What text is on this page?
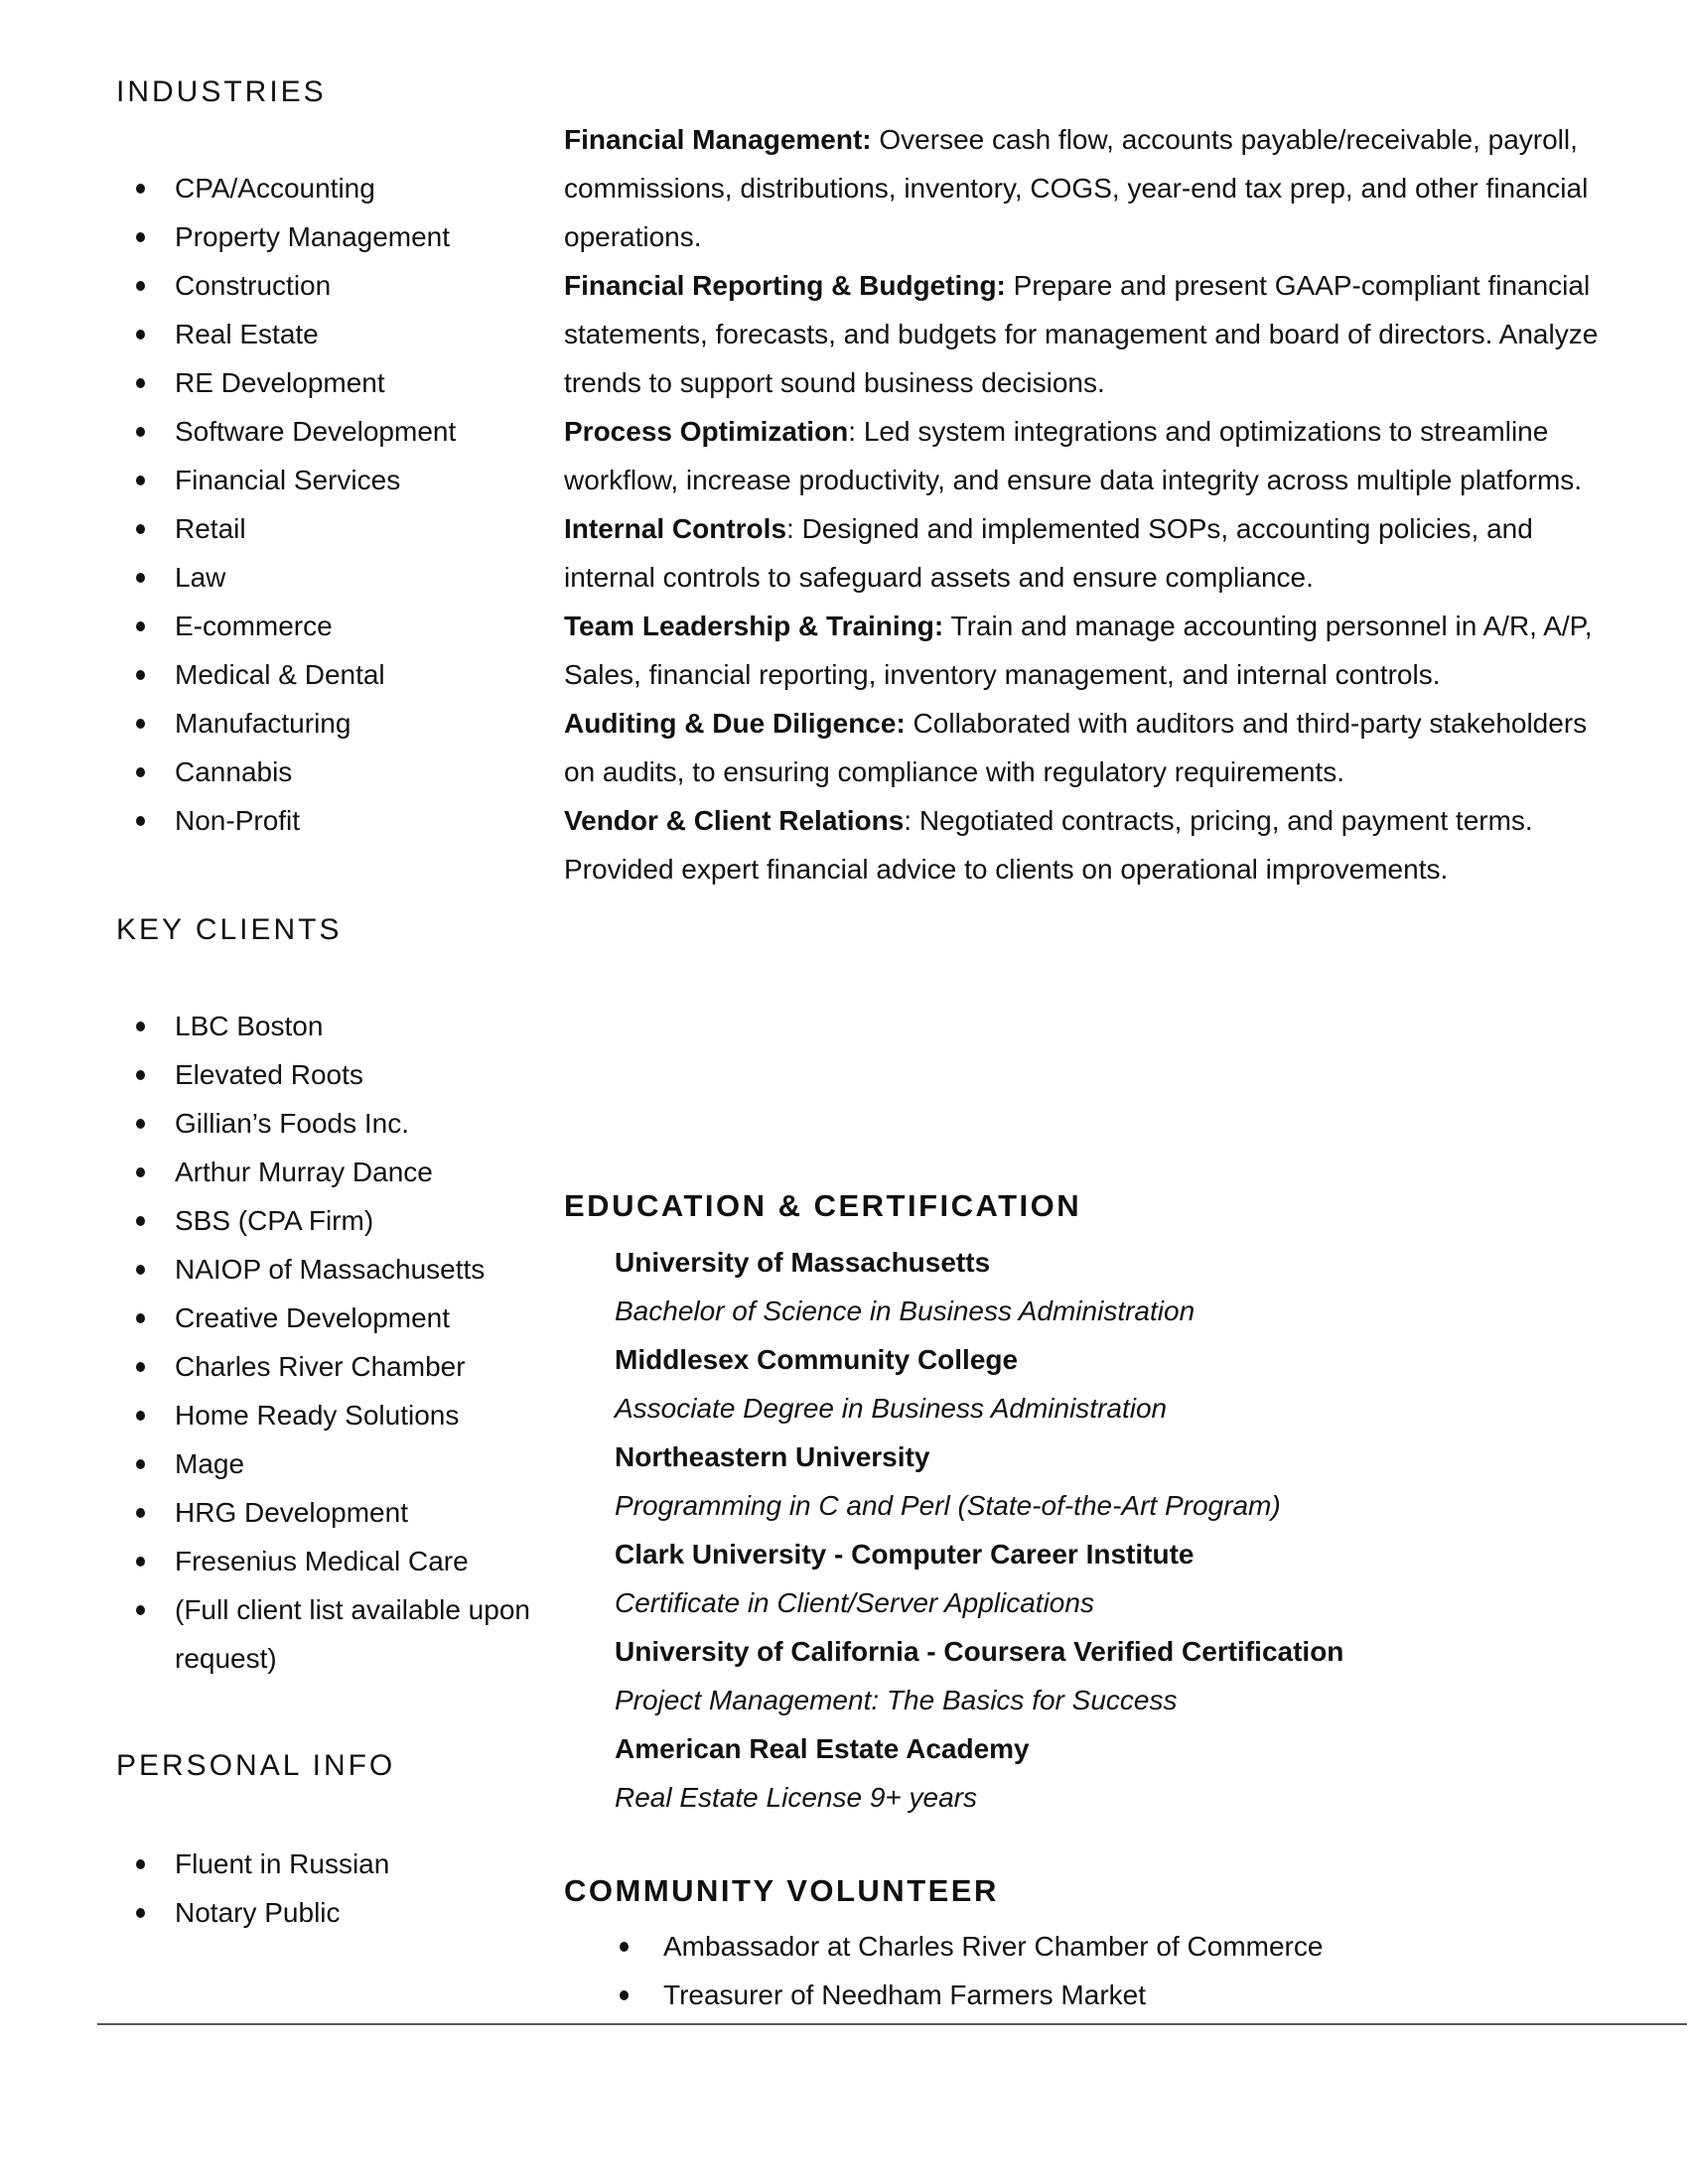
INDUSTRIES
CPA/Accounting
Property Management
Construction
Real Estate
RE Development
Software Development
Financial Services
Retail
Law
E-commerce
Medical & Dental
Manufacturing
Cannabis
Non-Profit
KEY CLIENTS
LBC Boston
Elevated Roots
Gillian’s Foods Inc.
Arthur Murray Dance
SBS (CPA Firm)
NAIOP of Massachusetts
Creative Development
Charles River Chamber
Home Ready Solutions
Mage
HRG Development
Fresenius Medical Care
(Full client list available upon request)
PERSONAL INFO
Fluent in Russian
Notary Public

Financial Management: Oversee cash flow, accounts payable/receivable, payroll, commissions, distributions, inventory, COGS, year-end tax prep, and other financial operations.

Financial Reporting & Budgeting: Prepare and present GAAP-compliant financial statements, forecasts, and budgets for management and board of directors. Analyze trends to support sound business decisions.

Process Optimization: Led system integrations and optimizations to streamline workflow, increase productivity, and ensure data integrity across multiple platforms.

Internal Controls: Designed and implemented SOPs, accounting policies, and internal controls to safeguard assets and ensure compliance.

Team Leadership & Training: Train and manage accounting personnel in A/R, A/P, Sales, financial reporting, inventory management, and internal controls.

Auditing & Due Diligence: Collaborated with auditors and third-party stakeholders on audits, to ensuring compliance with regulatory requirements.

Vendor & Client Relations: Negotiated contracts, pricing, and payment terms. Provided expert financial advice to clients on operational improvements.

EDUCATION & CERTIFICATION
University of Massachusetts
Bachelor of Science in Business Administration
Middlesex Community College
Associate Degree in Business Administration
Northeastern University
Programming in C and Perl (State-of-the-Art Program)
Clark University - Computer Career Institute
Certificate in Client/Server Applications
University of California - Coursera Verified Certification
Project Management: The Basics for Success
American Real Estate Academy
Real Estate License 9+ years
COMMUNITY VOLUNTEER
Ambassador at Charles River Chamber of Commerce
Treasurer of Needham Farmers Market
